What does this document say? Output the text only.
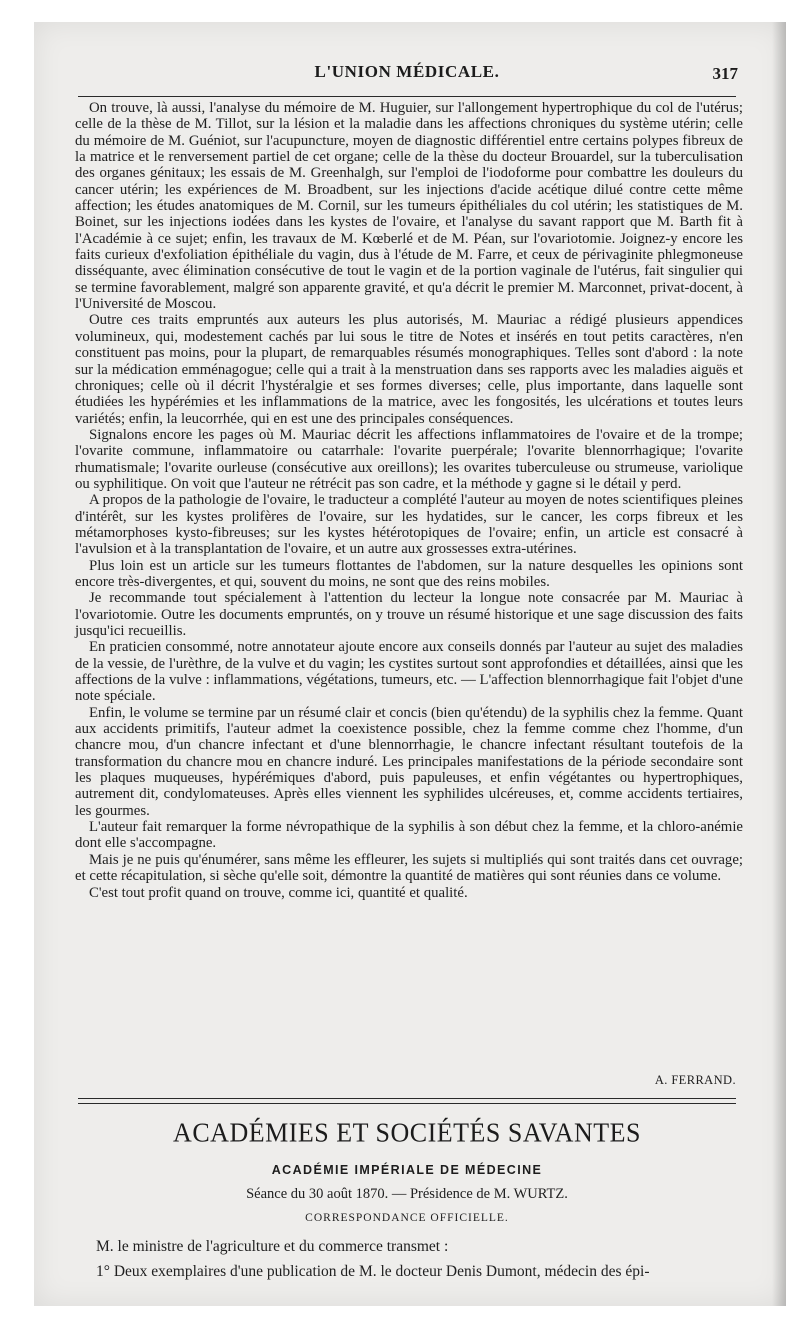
L'UNION MÉDICALE.	317

On trouve, là aussi, l'analyse du mémoire de M. Huguier, sur l'allongement hypertrophique du col de l'utérus; celle de la thèse de M. Tillot, sur la lésion et la maladie dans les affections chroniques du système utérin; celle du mémoire de M. Guéniot, sur l'acupuncture, moyen de diagnostic différentiel entre certains polypes fibreux de la matrice et le renversement partiel de cet organe; celle de la thèse du docteur Brouardel, sur la tuberculisation des organes génitaux; les essais de M. Greenhalgh, sur l'emploi de l'iodoforme pour combattre les douleurs du cancer utérin; les expériences de M. Broadbent, sur les injections d'acide acétique dilué contre cette même affection; les études anatomiques de M. Cornil, sur les tumeurs épithéliales du col utérin; les statistiques de M. Boinet, sur les injections iodées dans les kystes de l'ovaire, et l'analyse du savant rapport que M. Barth fit à l'Académie à ce sujet; enfin, les travaux de M. Kœberlé et de M. Péan, sur l'ovariotomie. Joignez-y encore les faits curieux d'exfoliation épithéliale du vagin, dus à l'étude de M. Farre, et ceux de périvaginite phlegmoneuse disséquante, avec élimination consécutive de tout le vagin et de la portion vaginale de l'utérus, fait singulier qui se termine favorablement, malgré son apparente gravité, et qu'a décrit le premier M. Marconnet, privat-docent, à l'Université de Moscou.

Outre ces traits empruntés aux auteurs les plus autorisés, M. Mauriac a rédigé plusieurs appendices volumineux, qui, modestement cachés par lui sous le titre de Notes et insérés en tout petits caractères, n'en constituent pas moins, pour la plupart, de remarquables résumés monographiques. Telles sont d'abord : la note sur la médication emménagogue; celle qui a trait à la menstruation dans ses rapports avec les maladies aiguës et chroniques; celle où il décrit l'hystéralgie et ses formes diverses; celle, plus importante, dans laquelle sont étudiées les hypérémies et les inflammations de la matrice, avec les fongosités, les ulcérations et toutes leurs variétés; enfin, la leucorrhée, qui en est une des principales conséquences.

Signalons encore les pages où M. Mauriac décrit les affections inflammatoires de l'ovaire et de la trompe; l'ovarite commune, inflammatoire ou catarrhale: l'ovarite puerpérale; l'ovarite blennorrhagique; l'ovarite rhumatismale; l'ovarite ourleuse (consécutive aux oreillons); les ovarites tuberculeuse ou strumeuse, variolique ou syphilitique. On voit que l'auteur ne rétrécit pas son cadre, et la méthode y gagne si le détail y perd.

A propos de la pathologie de l'ovaire, le traducteur a complété l'auteur au moyen de notes scientifiques pleines d'intérêt, sur les kystes prolifères de l'ovaire, sur les hydatides, sur le cancer, les corps fibreux et les métamorphoses kysto-fibreuses; sur les kystes hétérotopiques de l'ovaire; enfin, un article est consacré à l'avulsion et à la transplantation de l'ovaire, et un autre aux grossesses extra-utérines.

Plus loin est un article sur les tumeurs flottantes de l'abdomen, sur la nature desquelles les opinions sont encore très-divergentes, et qui, souvent du moins, ne sont que des reins mobiles.

Je recommande tout spécialement à l'attention du lecteur la longue note consacrée par M. Mauriac à l'ovariotomie. Outre les documents empruntés, on y trouve un résumé historique et une sage discussion des faits jusqu'ici recueillis.

En praticien consommé, notre annotateur ajoute encore aux conseils donnés par l'auteur au sujet des maladies de la vessie, de l'urèthre, de la vulve et du vagin; les cystites surtout sont approfondies et détaillées, ainsi que les affections de la vulve : inflammations, végétations, tumeurs, etc. — L'affection blennorrhagique fait l'objet d'une note spéciale.

Enfin, le volume se termine par un résumé clair et concis (bien qu'étendu) de la syphilis chez la femme. Quant aux accidents primitifs, l'auteur admet la coexistence possible, chez la femme comme chez l'homme, d'un chancre mou, d'un chancre infectant et d'une blennorrhagie, le chancre infectant résultant toutefois de la transformation du chancre mou en chancre induré. Les principales manifestations de la période secondaire sont les plaques muqueuses, hypérémiques d'abord, puis papuleuses, et enfin végétantes ou hypertrophiques, autrement dit, condylomateuses. Après elles viennent les syphilides ulcéreuses, et, comme accidents tertiaires, les gourmes.

L'auteur fait remarquer la forme névropathique de la syphilis à son début chez la femme, et la chloro-anémie dont elle s'accompagne.

Mais je ne puis qu'énumérer, sans même les effleurer, les sujets si multipliés qui sont traités dans cet ouvrage; et cette récapitulation, si sèche qu'elle soit, démontre la quantité de matières qui sont réunies dans ce volume.

C'est tout profit quand on trouve, comme ici, quantité et qualité.

A. FERRAND.
ACADÉMIES ET SOCIÉTÉS SAVANTES
ACADÉMIE IMPÉRIALE DE MÉDECINE
Séance du 30 août 1870. — Présidence de M. WURTZ.
CORRESPONDANCE OFFICIELLE.
M. le ministre de l'agriculture et du commerce transmet :
1° Deux exemplaires d'une publication de M. le docteur Denis Dumont, médecin des épi-
